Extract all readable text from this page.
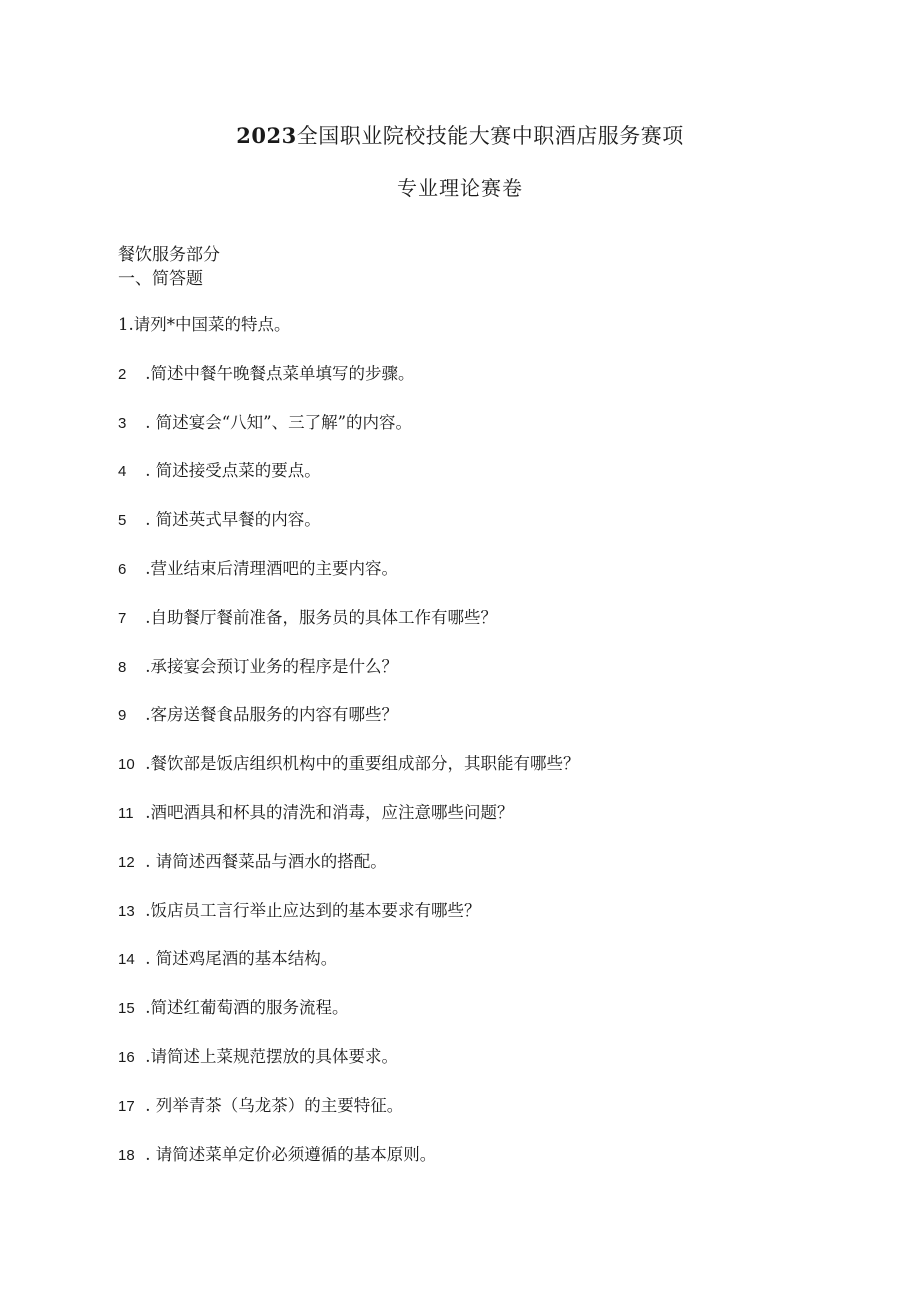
2023全国职业院校技能大赛中职酒店服务赛项
专业理论赛卷

餐饮服务部分

一、简答题

1.请列*中国菜的特点。
2 .简述中餐午晚餐点菜单填写的步骤。
3 . 简述宴会“八知”、三了解”的内容。
4 . 简述接受点菜的要点。
5 . 简述英式早餐的内容。
6 .营业结束后清理酒吧的主要内容。
7 .自助餐厅餐前准备，服务员的具体工作有哪些？
8 .承接宴会预订业务的程序是什么？
9 .客房送餐食品服务的内容有哪些？
10 .餐饮部是饭店组织机构中的重要组成部分，其职能有哪些？
11 .酒吧酒具和杯具的清洗和消毒，应注意哪些问题？
12 . 请简述西餐菜品与酒水的搭配。
13 .饭店员工言行举止应达到的基本要求有哪些？
14 . 简述鸡尾酒的基本结构。
15 .简述红葡萄酒的服务流程。
16 .请简述上菜规范摆放的具体要求。
17 . 列举青茶（乌龙茶）的主要特征。
18 . 请简述菜单定价必须遵循的基本原则。
